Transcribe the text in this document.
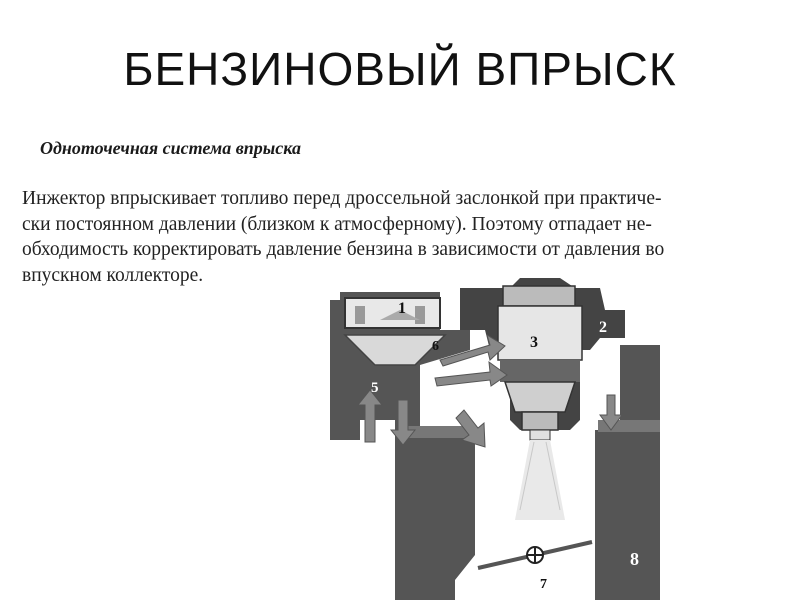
БЕНЗИНОВЫЙ ВПРЫСК
Одноточечная система впрыска
Инжектор впрыскивает топливо перед дроссельной заслонкой при практиче-
ски постоянном давлении (близком к атмосферному). Поэтому отпадает не-
обходимость корректировать давление бензина в зависимости от давления во
впускном коллекторе.
1
2
3
4
5
6
7
8
